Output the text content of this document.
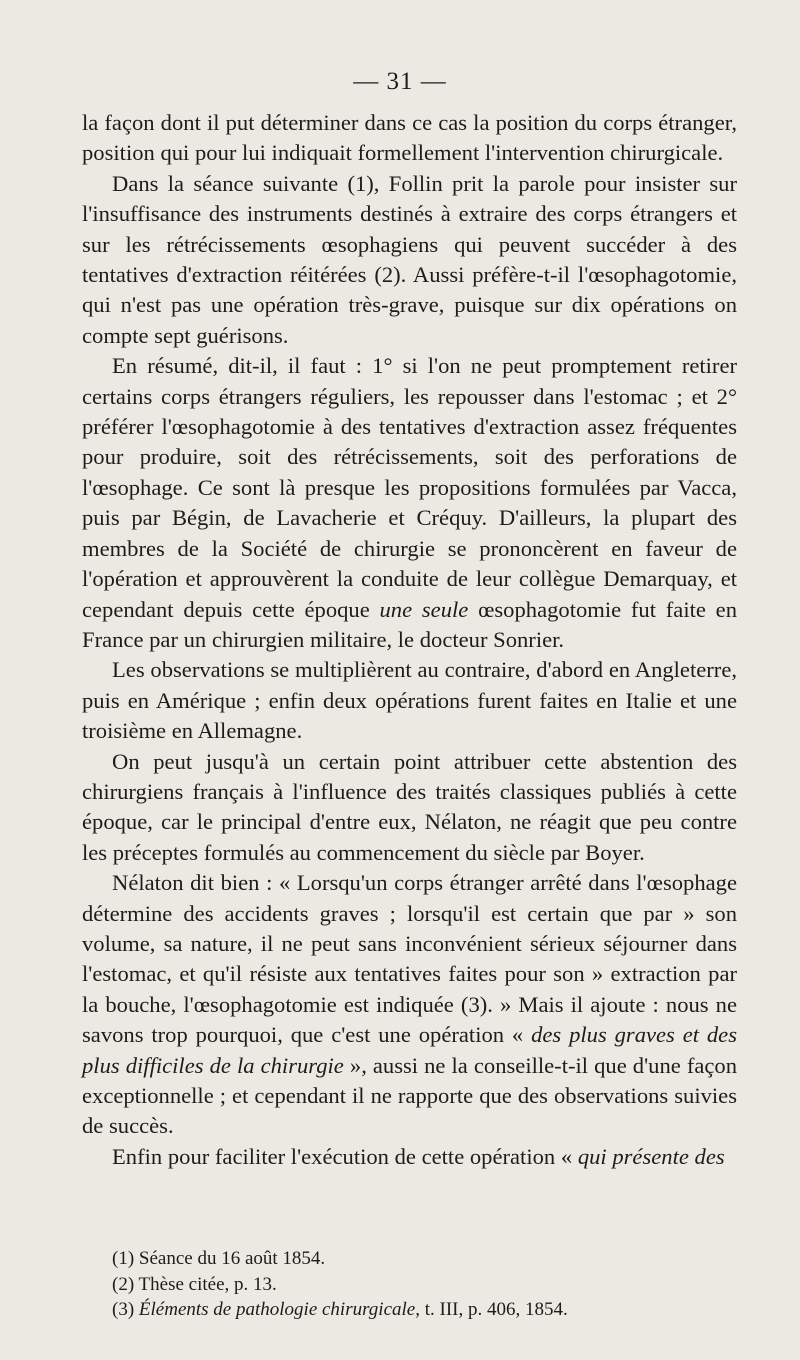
— 31 —

la façon dont il put déterminer dans ce cas la position du corps étranger, position qui pour lui indiquait formellement l'intervention chirurgicale.

Dans la séance suivante (1), Follin prit la parole pour insister sur l'insuffisance des instruments destinés à extraire des corps étrangers et sur les rétrécissements œsophagiens qui peuvent succéder à des tentatives d'extraction réitérées (2). Aussi préfère-t-il l'œsophagotomie, qui n'est pas une opération très-grave, puisque sur dix opérations on compte sept guérisons.

En résumé, dit-il, il faut : 1° si l'on ne peut promptement retirer certains corps étrangers réguliers, les repousser dans l'estomac ; et 2° préférer l'œsophagotomie à des tentatives d'extraction assez fréquentes pour produire, soit des rétrécissements, soit des perforations de l'œsophage. Ce sont là presque les propositions formulées par Vacca, puis par Bégin, de Lavacherie et Créquy. D'ailleurs, la plupart des membres de la Société de chirurgie se prononcèrent en faveur de l'opération et approuvèrent la conduite de leur collègue Demarquay, et cependant depuis cette époque une seule œsophagotomie fut faite en France par un chirurgien militaire, le docteur Sonrier.

Les observations se multiplièrent au contraire, d'abord en Angleterre, puis en Amérique ; enfin deux opérations furent faites en Italie et une troisième en Allemagne.

On peut jusqu'à un certain point attribuer cette abstention des chirurgiens français à l'influence des traités classiques publiés à cette époque, car le principal d'entre eux, Nélaton, ne réagit que peu contre les préceptes formulés au commencement du siècle par Boyer.

Nélaton dit bien : « Lorsqu'un corps étranger arrêté dans l'œsophage détermine des accidents graves ; lorsqu'il est certain que par » son volume, sa nature, il ne peut sans inconvénient sérieux séjourner dans l'estomac, et qu'il résiste aux tentatives faites pour son » extraction par la bouche, l'œsophagotomie est indiquée (3). » Mais il ajoute : nous ne savons trop pourquoi, que c'est une opération « des plus graves et des plus difficiles de la chirurgie », aussi ne la conseille-t-il que d'une façon exceptionnelle ; et cependant il ne rapporte que des observations suivies de succès.

Enfin pour faciliter l'exécution de cette opération « qui présente des

(1) Séance du 16 août 1854.
(2) Thèse citée, p. 13.
(3) Éléments de pathologie chirurgicale, t. III, p. 406, 1854.
